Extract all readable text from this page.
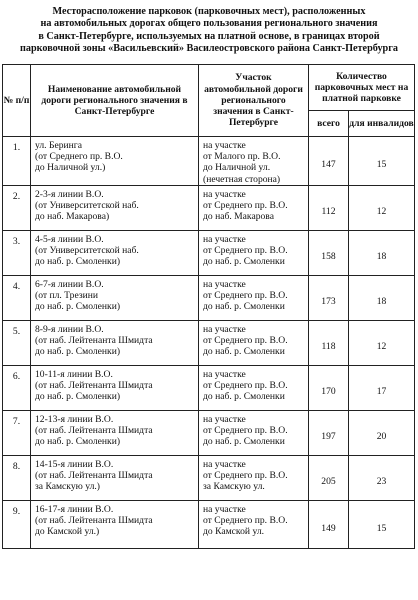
Месторасположение парковок (парковочных мест), расположенных
на автомобильных дорогах общего пользования регионального значения
в Санкт-Петербурге, используемых на платной основе, в границах второй
парковочной зоны «Васильевский» Василеостровского района Санкт-Петербурга
№ п/п	Наименование автомобильной дороги регионального значения в Санкт-Петербурге	Участок автомобильной дороги регионального значения в Санкт-Петербурге	Количество парковочных мест на платной парковке	
			всего	для инвалидов
1.	ул. Беринга
(от Среднего пр. В.О.
до Наличной ул.)	на участке
от Малого пр. В.О.
до Наличной ул.
(нечетная сторона)	147	15
2.	2-3-я линии В.О.
(от Университетской наб.
до наб. Макарова)	на участке
от Среднего пр. В.О.
до наб. Макарова	112	12
3.	4-5-я линии В.О.
(от Университетской наб.
до наб. р. Смоленки)	на участке
от Среднего пр. В.О.
до наб. р. Смоленки	158	18
4.	6-7-я линии В.О.
(от пл. Трезини
до наб. р. Смоленки)	на участке
от Среднего пр. В.О.
до наб. р. Смоленки	173	18
5.	8-9-я линии В.О.
(от наб. Лейтенанта Шмидта
до наб. р. Смоленки)	на участке
от Среднего пр. В.О.
до наб. р. Смоленки	118	12
6.	10-11-я линии В.О.
(от наб. Лейтенанта Шмидта
до наб. р. Смоленки)	на участке
от Среднего пр. В.О.
до наб. р. Смоленки	170	17
7.	12-13-я линии В.О.
(от наб. Лейтенанта Шмидта
до наб. р. Смоленки)	на участке
от Среднего пр. В.О.
до наб. р. Смоленки	197	20
8.	14-15-я линии В.О.
(от наб. Лейтенанта Шмидта
за Камскую ул.)	на участке
от Среднего пр. В.О.
за Камскую ул.	205	23
9.	16-17-я линии В.О.
(от наб. Лейтенанта Шмидта
до Камской ул.)	на участке
от Среднего пр. В.О.
до Камской ул.	149	15
